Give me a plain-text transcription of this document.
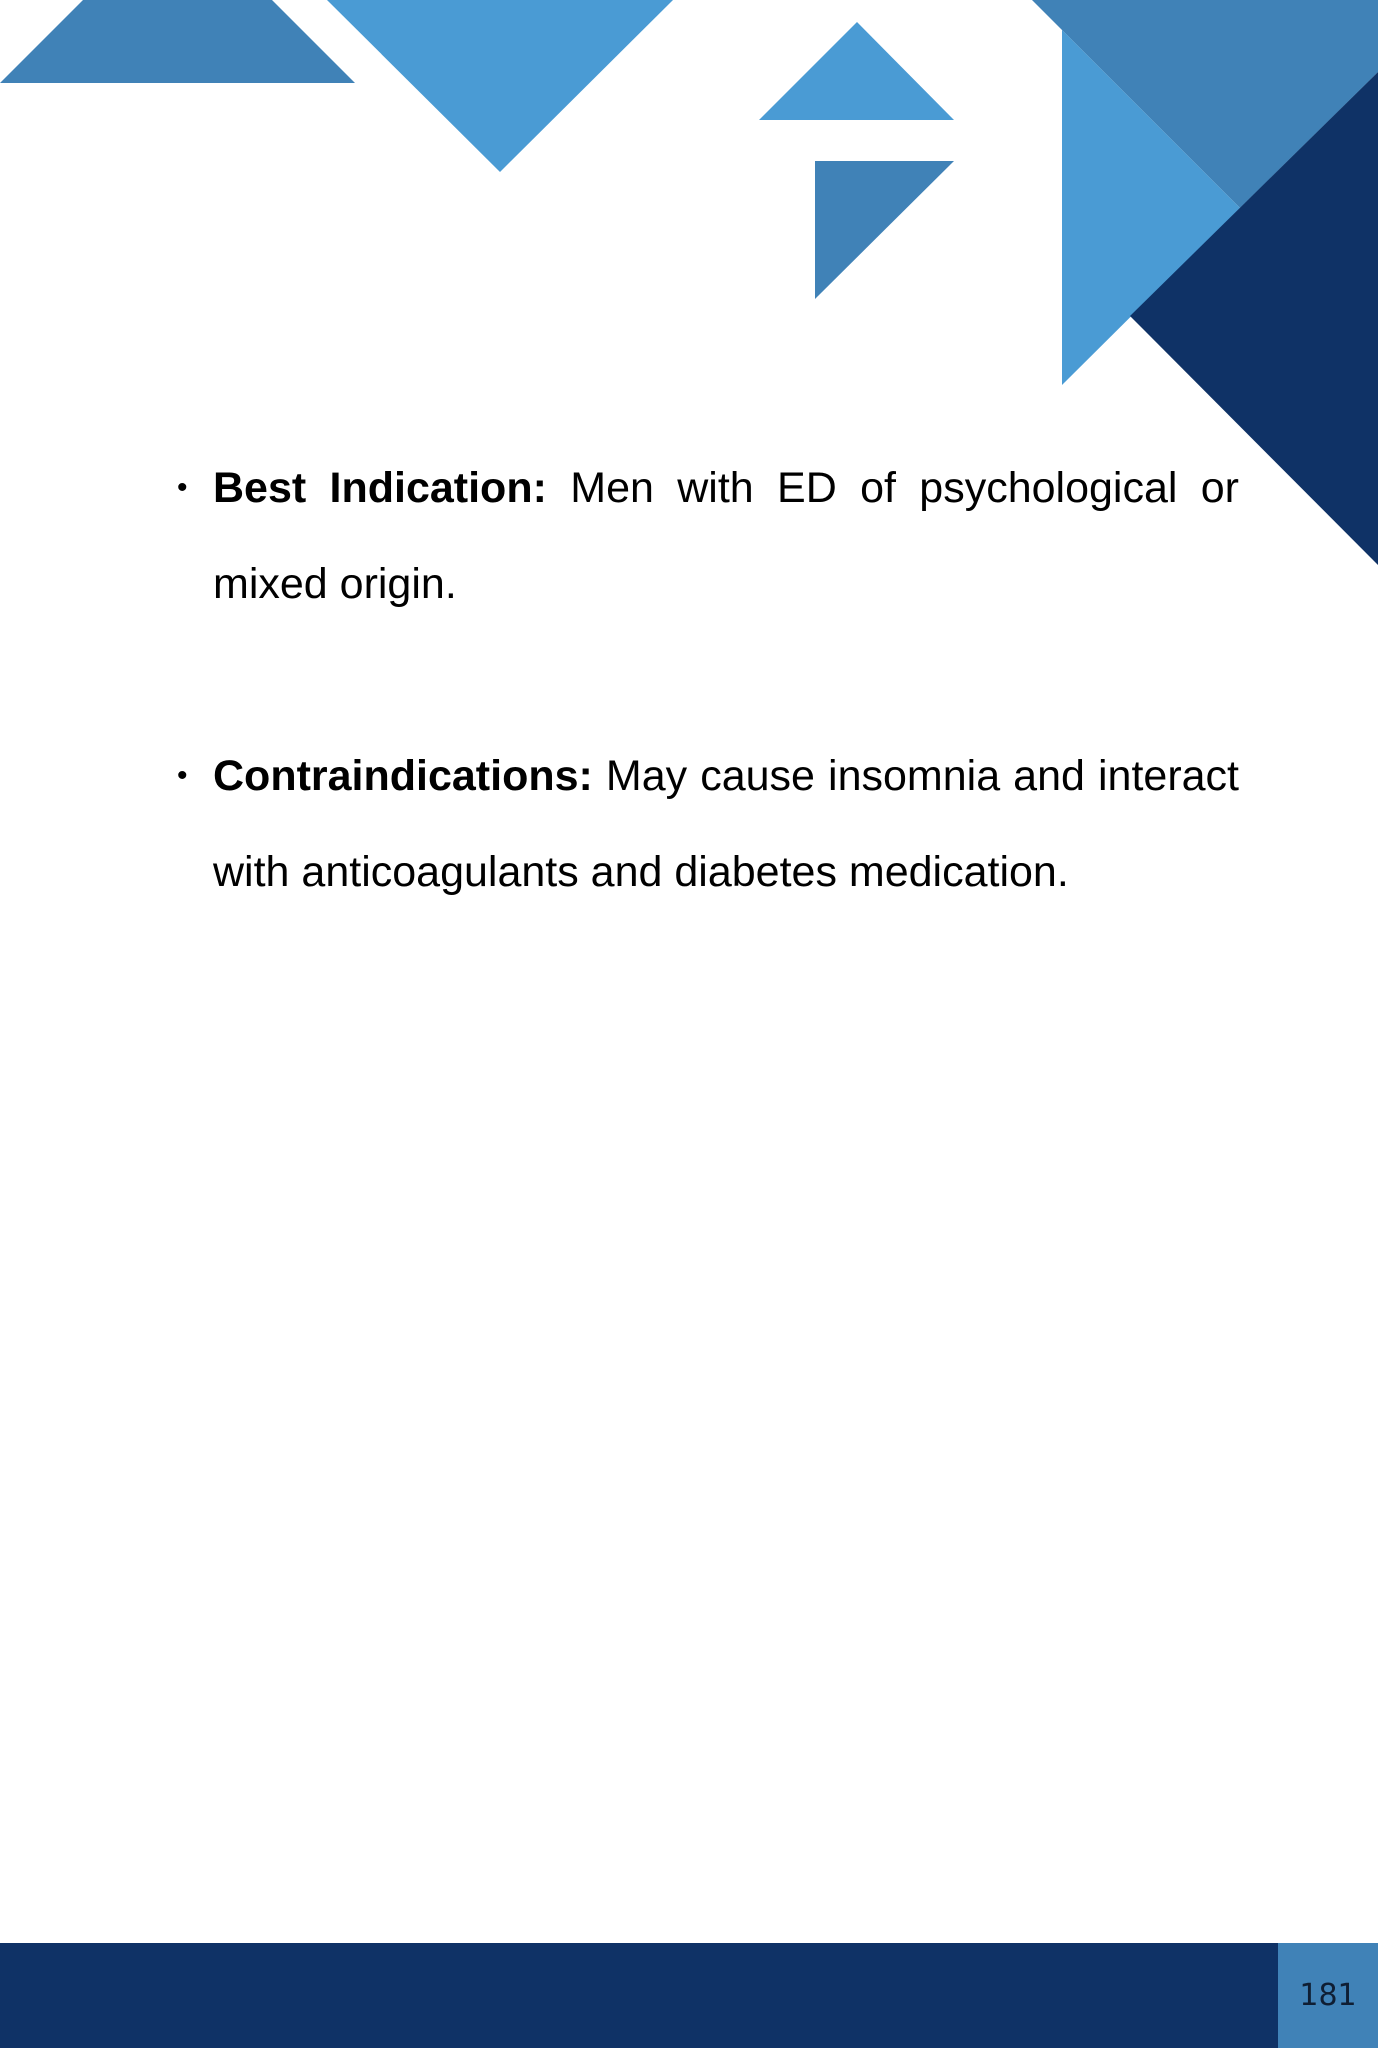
• Best Indication: Men with ED of psychological or mixed origin.

• Contraindications: May cause insomnia and interact with anticoagulants and diabetes medication.

181
